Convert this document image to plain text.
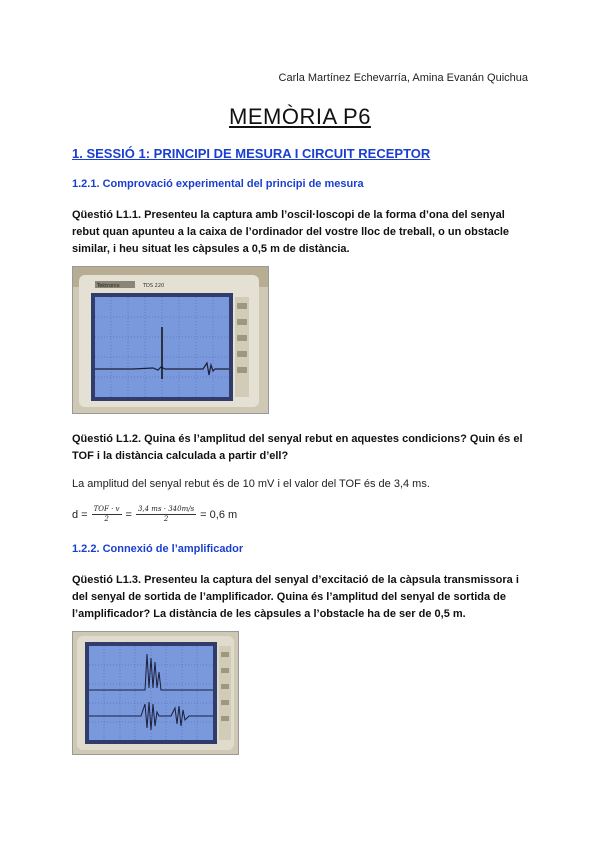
Carla Martínez Echevarría, Amina Evanán Quichua
MEMÒRIA P6
1. SESSIÓ 1: PRINCIPI DE MESURA I CIRCUIT RECEPTOR
1.2.1. Comprovació experimental del principi de mesura
Qüestió L1.1. Presenteu la captura amb l’oscil·loscopi de la forma d’ona del senyal
rebut quan apunteu a la caixa de l’ordinador del vostre lloc de treball, o un obstacle
similar, i heu situat les càpsules a 0,5 m de distància.
Tektronix	TDS 220
Qüestió L1.2. Quina és l’amplitud del senyal rebut en aquestes condicions? Quin és el
TOF i la distància calculada a partir d’ell?
La amplitud del senyal rebut és de 10 mV i el valor del TOF és de 3,4 ms.
$d = \frac{\text{TOF · v}}{2} = \frac{3,4 ms \cdot 340m/s}{2} = 0,6$ m
1.2.2. Connexió de l’amplificador
Qüestió L1.3. Presenteu la captura del senyal d’excitació de la càpsula transmissora i
del senyal de sortida de l’amplificador. Quina és l’amplitud del senyal de sortida de
l’amplificador? La distància de les càpsules a l’obstacle ha de ser de 0,5 m.
